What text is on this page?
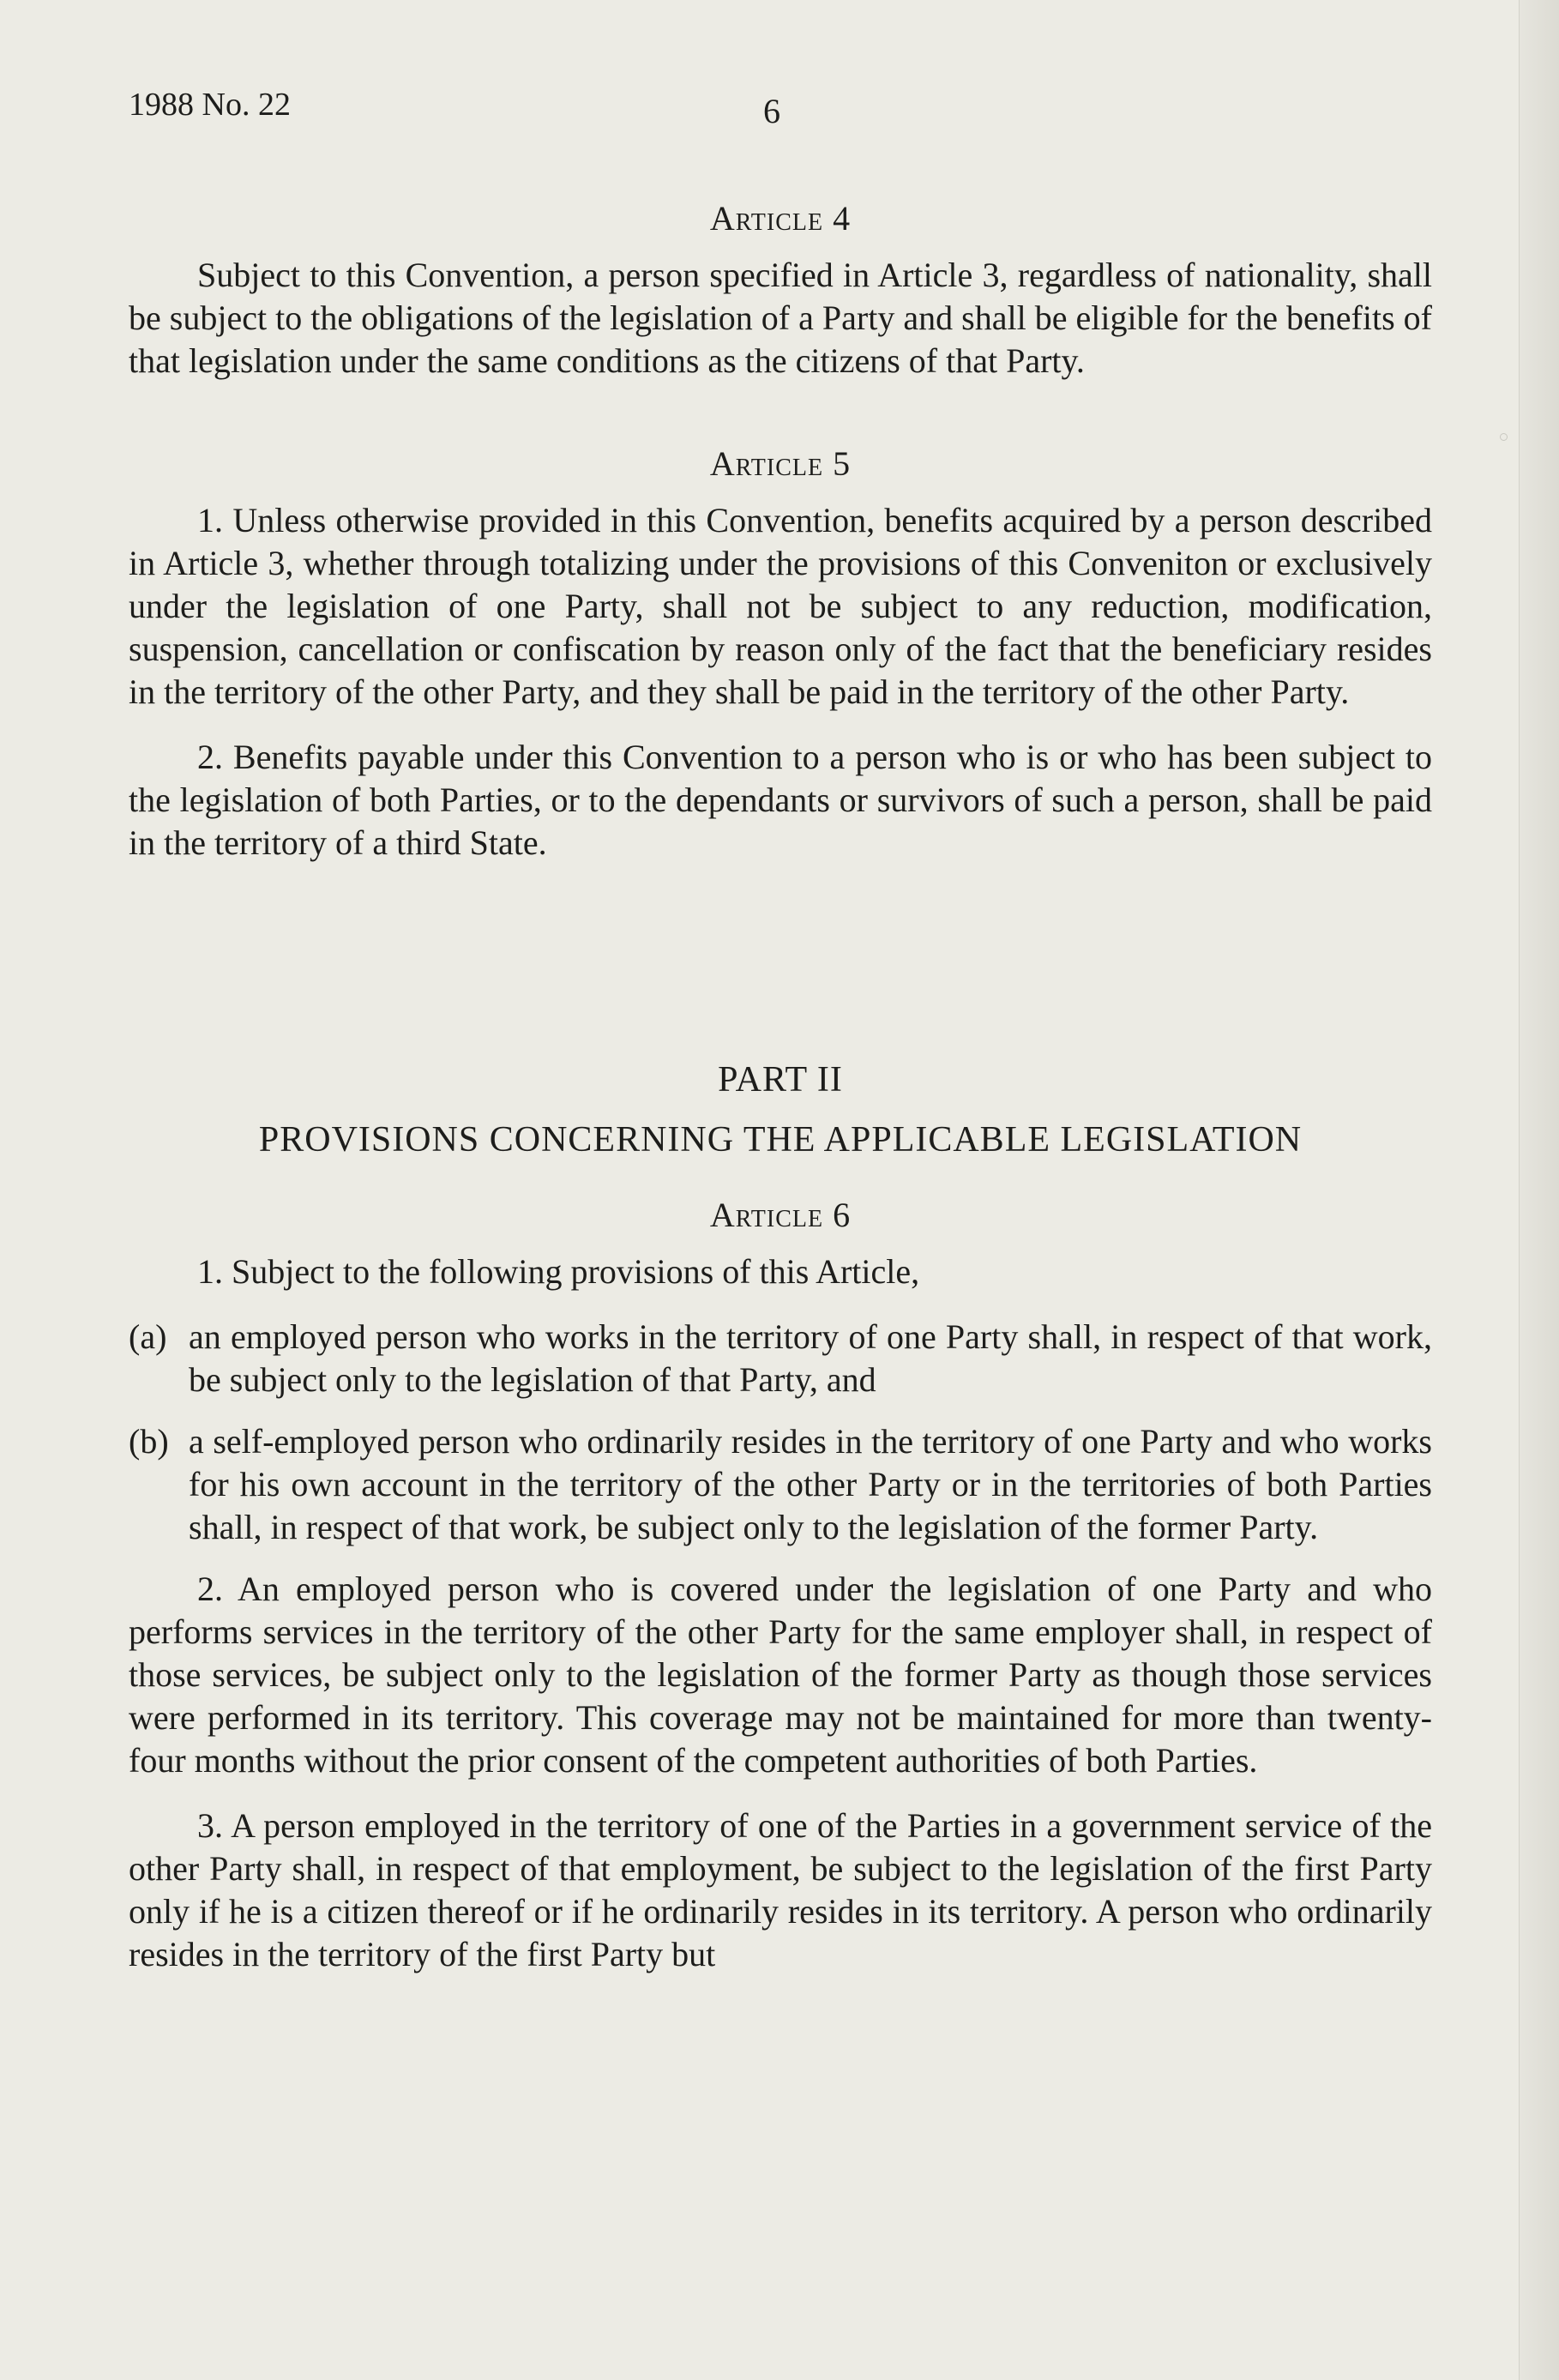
1988 No. 22	6
Article 4

Subject to this Convention, a person specified in Article 3, regardless of nationality, shall be subject to the obligations of the legislation of a Party and shall be eligible for the benefits of that legislation under the same conditions as the citizens of that Party.

Article 5

1. Unless otherwise provided in this Convention, benefits acquired by a person described in Article 3, whether through totalizing under the provisions of this Conveniton or exclusively under the legislation of one Party, shall not be subject to any reduction, modification, suspension, cancellation or confiscation by reason only of the fact that the beneficiary resides in the territory of the other Party, and they shall be paid in the territory of the other Party.

2. Benefits payable under this Convention to a person who is or who has been subject to the legislation of both Parties, or to the dependants or survivors of such a person, shall be paid in the territory of a third State.

PART II
PROVISIONS CONCERNING THE APPLICABLE LEGISLATION
Article 6

1. Subject to the following provisions of this Article,

(a) an employed person who works in the territory of one Party shall, in respect of that work, be subject only to the legislation of that Party, and
(b) a self-employed person who ordinarily resides in the territory of one Party and who works for his own account in the territory of the other Party or in the territories of both Parties shall, in respect of that work, be subject only to the legislation of the former Party.

2. An employed person who is covered under the legislation of one Party and who performs services in the territory of the other Party for the same employer shall, in respect of those services, be subject only to the legislation of the former Party as though those services were performed in its territory. This coverage may not be maintained for more than twenty-four months without the prior consent of the competent authorities of both Parties.

3. A person employed in the territory of one of the Parties in a government service of the other Party shall, in respect of that employment, be subject to the legislation of the first Party only if he is a citizen thereof or if he ordinarily resides in its territory. A person who ordinarily resides in the territory of the first Party but
